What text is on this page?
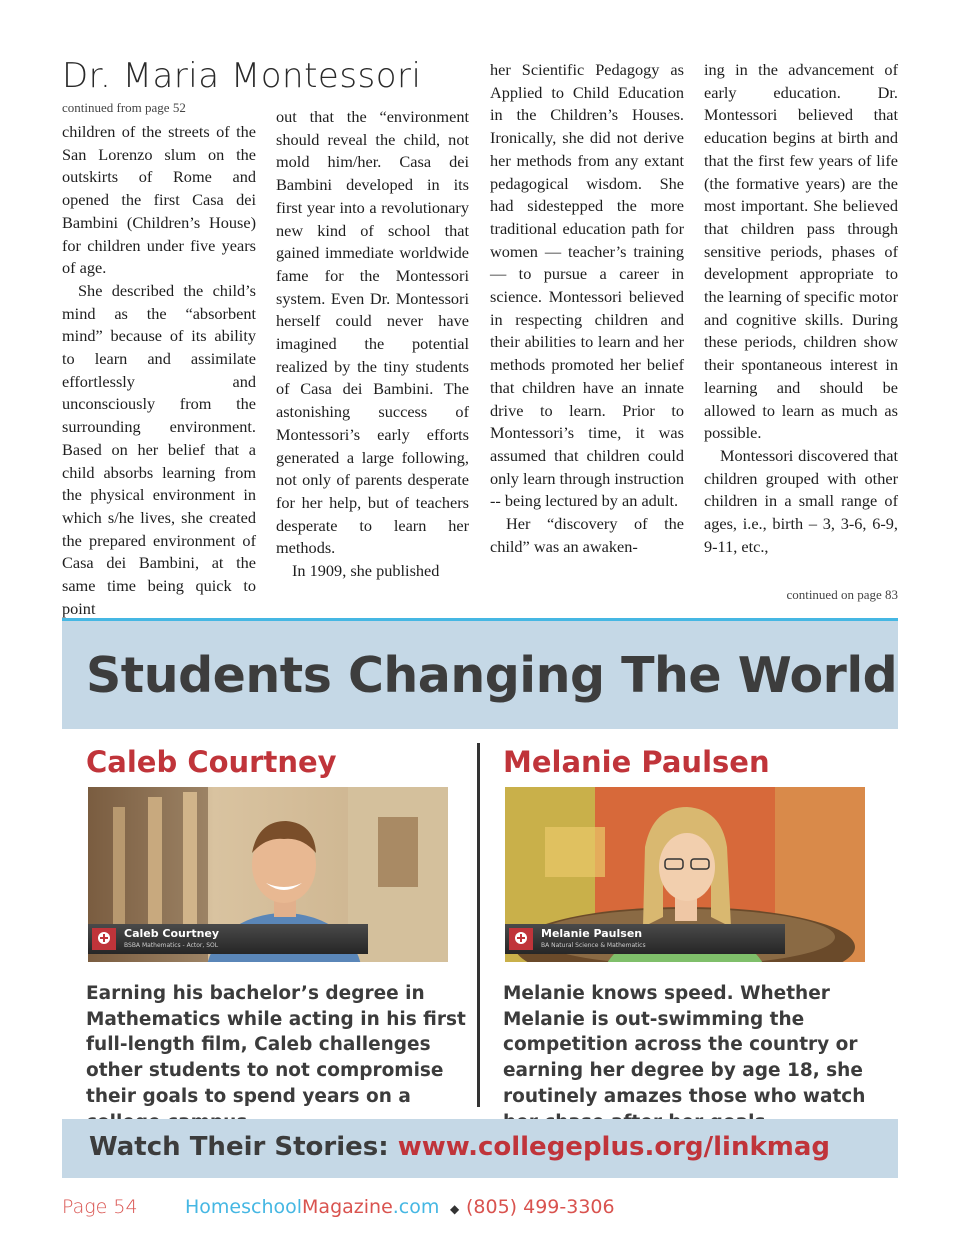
Dr. Maria Montessori
continued from page 52

children of the streets of the San Lorenzo slum on the outskirts of Rome and opened the first Casa dei Bambini (Children’s House) for children under five years of age.

She described the child’s mind as the “absorbent mind” because of its ability to learn and assimilate effortlessly and unconsciously from the surrounding environment. Based on her belief that a child absorbs learning from the physical environment in which s/he lives, she created the prepared environment of Casa dei Bambini, at the same time being quick to point

out that the “environment should reveal the child, not mold him/her. Casa dei Bambini developed in its first year into a revolutionary new kind of school that gained immediate worldwide fame for the Montessori system. Even Dr. Montessori herself could never have imagined the potential realized by the tiny students of Casa dei Bambini. The astonishing success of Montessori’s early efforts generated a large following, not only of parents desperate for her help, but of teachers desperate to learn her methods.

In 1909, she published

her Scientific Pedagogy as Applied to Child Education in the Children’s Houses. Ironically, she did not derive her methods from any extant pedagogical wisdom. She had sidestepped the more traditional education path for women — teacher’s training — to pursue a career in science. Montessori believed in respecting children and their abilities to learn and her methods promoted her belief that children have an innate drive to learn. Prior to Montessori’s time, it was assumed that children could only learn through instruction -- being lectured by an adult.

Her “discovery of the child” was an awaken-

ing in the advancement of early education. Dr. Montessori believed that education begins at birth and that the first few years of life (the formative years) are the most important. She believed that children pass through sensitive periods, phases of development appropriate to the learning of specific motor and cognitive skills. During these periods, children show their spontaneous interest in learning and should be allowed to learn as much as possible.

Montessori discovered that children grouped with other children in a small range of ages, i.e., birth – 3, 3-6, 6-9, 9-11, etc.,

continued on page 83
Students Changing The World
Caleb Courtney
Caleb Courtney
BSBA Mathematics - Actor, SOL
Earning his bachelor’s degree in Mathematics while acting in his first full-length film, Caleb challenges other students to not compromise their goals to spend years on a
Melanie Paulsen
Melanie Paulsen
BA Natural Science & Mathematics
Melanie knows speed. Whether Melanie is out-swimming the competition across the country or earning her degree by age 18, she routinely amazes those who watch
Watch Their Stories: www.collegeplus.org/linkmag
Page 54 HomeschoolMagazine.com ◆ (805) 499-3306
